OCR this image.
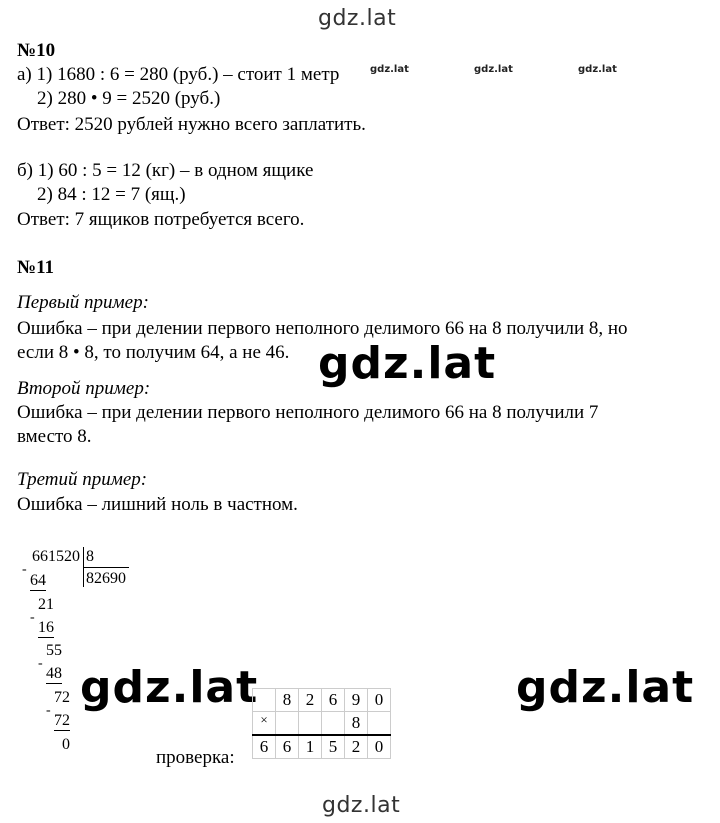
gdz.lat
gdz.lat	gdz.lat	gdz.lat
№10
а) 1) 1680 : 6 = 280 (руб.) – стоит 1 метр
2) 280 • 9 = 2520 (руб.)
Ответ: 2520 рублей нужно всего заплатить.
б) 1) 60 : 5 = 12 (кг) – в одном ящике
2) 84 : 12 = 7 (ящ.)
Ответ: 7 ящиков потребуется всего.
№11
Первый пример:
Ошибка – при делении первого неполного делимого 66 на 8 получили 8, но
если 8 • 8, то получим 64, а не 46.
Второй пример:
Ошибка – при делении первого неполного делимого 66 на 8 получили 7
вместо 8.
Третий пример:
Ошибка – лишний ноль в частном.
gdz.lat
661520 8
82690
-
64
21
-
16
55
-
48
72
-
72
0
gdz.lat	gdz.lat
	8	2	6	9	0
×				8	
6	6	1	5	2	0
проверка:
gdz.lat
